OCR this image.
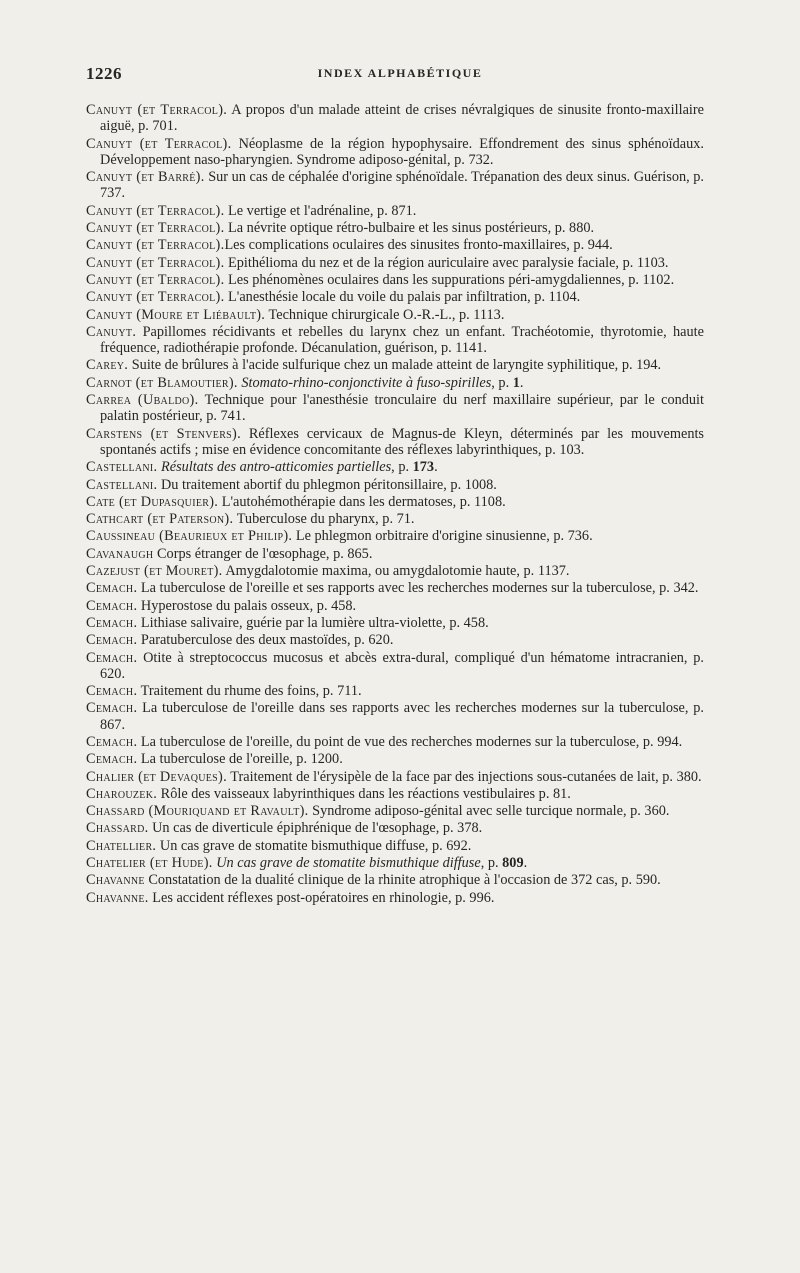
1226	INDEX ALPHABÉTIQUE

Canuyt (et Terracol). A propos d'un malade atteint de crises névralgiques de sinusite fronto-maxillaire aiguë, p. 701.

Canuyt (et Terracol). Néoplasme de la région hypophysaire. Effondrement des sinus sphénoïdaux. Développement naso-pharyngien. Syndrome adiposo-génital, p. 732.

Canuyt (et Barré). Sur un cas de céphalée d'origine sphénoïdale. Trépanation des deux sinus. Guérison, p. 737.

Canuyt (et Terracol). Le vertige et l'adrénaline, p. 871.

Canuyt (et Terracol). La névrite optique rétro-bulbaire et les sinus postérieurs, p. 880.

Canuyt (et Terracol).Les complications oculaires des sinusites fronto-maxillaires, p. 944.

Canuyt (et Terracol). Epithélioma du nez et de la région auriculaire avec paralysie faciale, p. 1103.

Canuyt (et Terracol). Les phénomènes oculaires dans les suppurations péri-amygdaliennes, p. 1102.

Canuyt (et Terracol). L'anesthésie locale du voile du palais par infiltration, p. 1104.

Canuyt (Moure et Liébault). Technique chirurgicale O.-R.-L., p. 1113.

Canuyt. Papillomes récidivants et rebelles du larynx chez un enfant. Trachéotomie, thyrotomie, haute fréquence, radiothérapie profonde. Décanulation, guérison, p. 1141.

Carey. Suite de brûlures à l'acide sulfurique chez un malade atteint de laryngite syphilitique, p. 194.

Carnot (et Blamoutier). Stomato-rhino-conjonctivite à fuso-spirilles, p. 1.

Carrea (Ubaldo). Technique pour l'anesthésie tronculaire du nerf maxillaire supérieur, par le conduit palatin postérieur, p. 741.

Carstens (et Stenvers). Réflexes cervicaux de Magnus-de Kleyn, déterminés par les mouvements spontanés actifs ; mise en évidence concomitante des réflexes labyrinthiques, p. 103.

Castellani. Résultats des antro-atticomies partielles, p. 173.

Castellani. Du traitement abortif du phlegmon péritonsillaire, p. 1008.

Cate (et Dupasquier). L'autohémothérapie dans les dermatoses, p. 1108.

Cathcart (et Paterson). Tuberculose du pharynx, p. 71.

Caussineau (Beaurieux et Philip). Le phlegmon orbitraire d'origine sinusienne, p. 736.

Cavanaugh Corps étranger de l'œsophage, p. 865.

Cazejust (et Mouret). Amygdalotomie maxima, ou amygdalotomie haute, p. 1137.

Cemach. La tuberculose de l'oreille et ses rapports avec les recherches modernes sur la tuberculose, p. 342.

Cemach. Hyperostose du palais osseux, p. 458.

Cemach. Lithiase salivaire, guérie par la lumière ultra-violette, p. 458.

Cemach. Paratuberculose des deux mastoïdes, p. 620.

Cemach. Otite à streptococcus mucosus et abcès extra-dural, compliqué d'un hématome intracranien, p. 620.

Cemach. Traitement du rhume des foins, p. 711.

Cemach. La tuberculose de l'oreille dans ses rapports avec les recherches modernes sur la tuberculose, p. 867.

Cemach. La tuberculose de l'oreille, du point de vue des recherches modernes sur la tuberculose, p. 994.

Cemach. La tuberculose de l'oreille, p. 1200.

Chalier (et Devaques). Traitement de l'érysipèle de la face par des injections sous-cutanées de lait, p. 380.

Charouzek. Rôle des vaisseaux labyrinthiques dans les réactions vestibulaires p. 81.

Chassard (Mouriquand et Ravault). Syndrome adiposo-génital avec selle turcique normale, p. 360.

Chassard. Un cas de diverticule épiphrénique de l'œsophage, p. 378.

Chatellier. Un cas grave de stomatite bismuthique diffuse, p. 692.

Chatelier (et Hude). Un cas grave de stomatite bismuthique diffuse, p. 809.

Chavanne Constatation de la dualité clinique de la rhinite atrophique à l'occasion de 372 cas, p. 590.

Chavanne. Les accident réflexes post-opératoires en rhinologie, p. 996.
